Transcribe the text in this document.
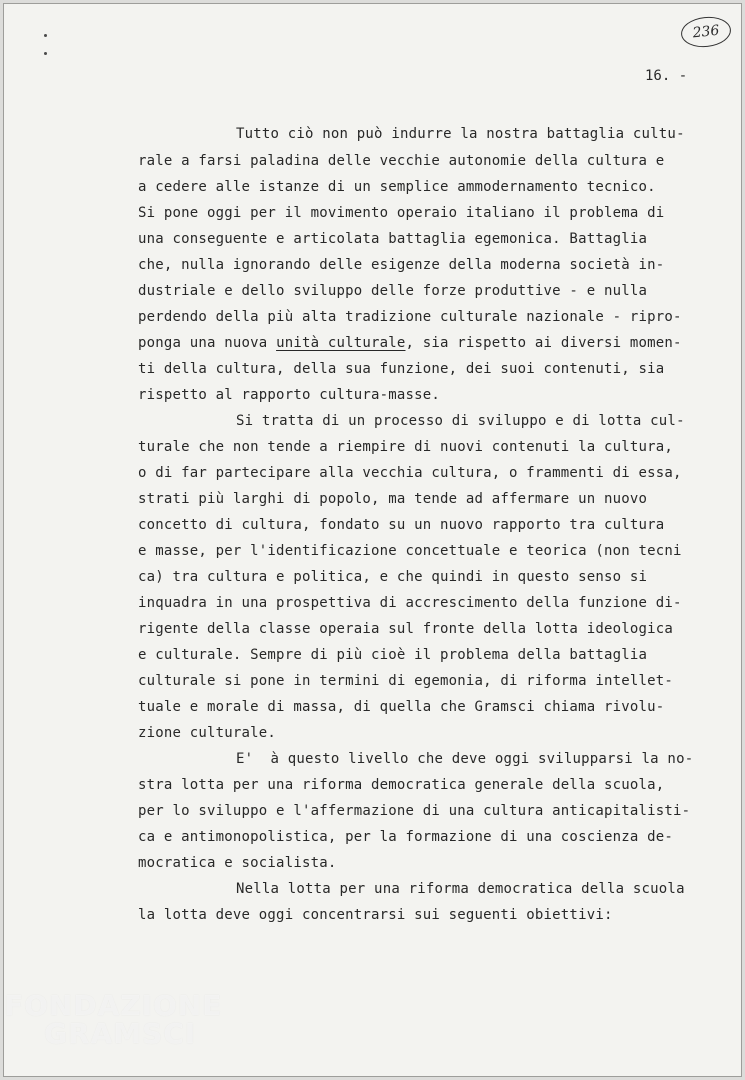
236
16. -
Tutto ciò non può indurre la nostra battaglia cultu-
rale a farsi paladina delle vecchie autonomie della cultura e
a cedere alle istanze di un semplice ammodernamento tecnico.
Si pone oggi per il movimento operaio italiano il problema di
una conseguente e articolata battaglia egemonica. Battaglia
che, nulla ignorando delle esigenze della moderna società in-
dustriale e dello sviluppo delle forze produttive - e nulla
perdendo della più alta tradizione culturale nazionale - ripro-
ponga una nuova unità culturale, sia rispetto ai diversi momen-
ti della cultura, della sua funzione, dei suoi contenuti, sia
rispetto al rapporto cultura-masse.
Si tratta di un processo di sviluppo e di lotta cul-
turale che non tende a riempire di nuovi contenuti la cultura,
o di far partecipare alla vecchia cultura, o frammenti di essa,
strati più larghi di popolo, ma tende ad affermare un nuovo
concetto di cultura, fondato su un nuovo rapporto tra cultura
e masse, per l'identificazione concettuale e teorica (non tecni
ca) tra cultura e politica, e che quindi in questo senso si
inquadra in una prospettiva di accrescimento della funzione di-
rigente della classe operaia sul fronte della lotta ideologica
e culturale. Sempre di più cioè il problema della battaglia
culturale si pone in termini di egemonia, di riforma intellet-
tuale e morale di massa, di quella che Gramsci chiama rivolu-
zione culturale.
E'  à questo livello che deve oggi svilupparsi la no-
stra lotta per una riforma democratica generale della scuola,
per lo sviluppo e l'affermazione di una cultura anticapitalisti-
ca e antimonopolistica, per la formazione di una coscienza de-
mocratica e socialista.
Nella lotta per una riforma democratica della scuola
la lotta deve oggi concentrarsi sui seguenti obiettivi:
FONDAZIONE
GRAMSCI
